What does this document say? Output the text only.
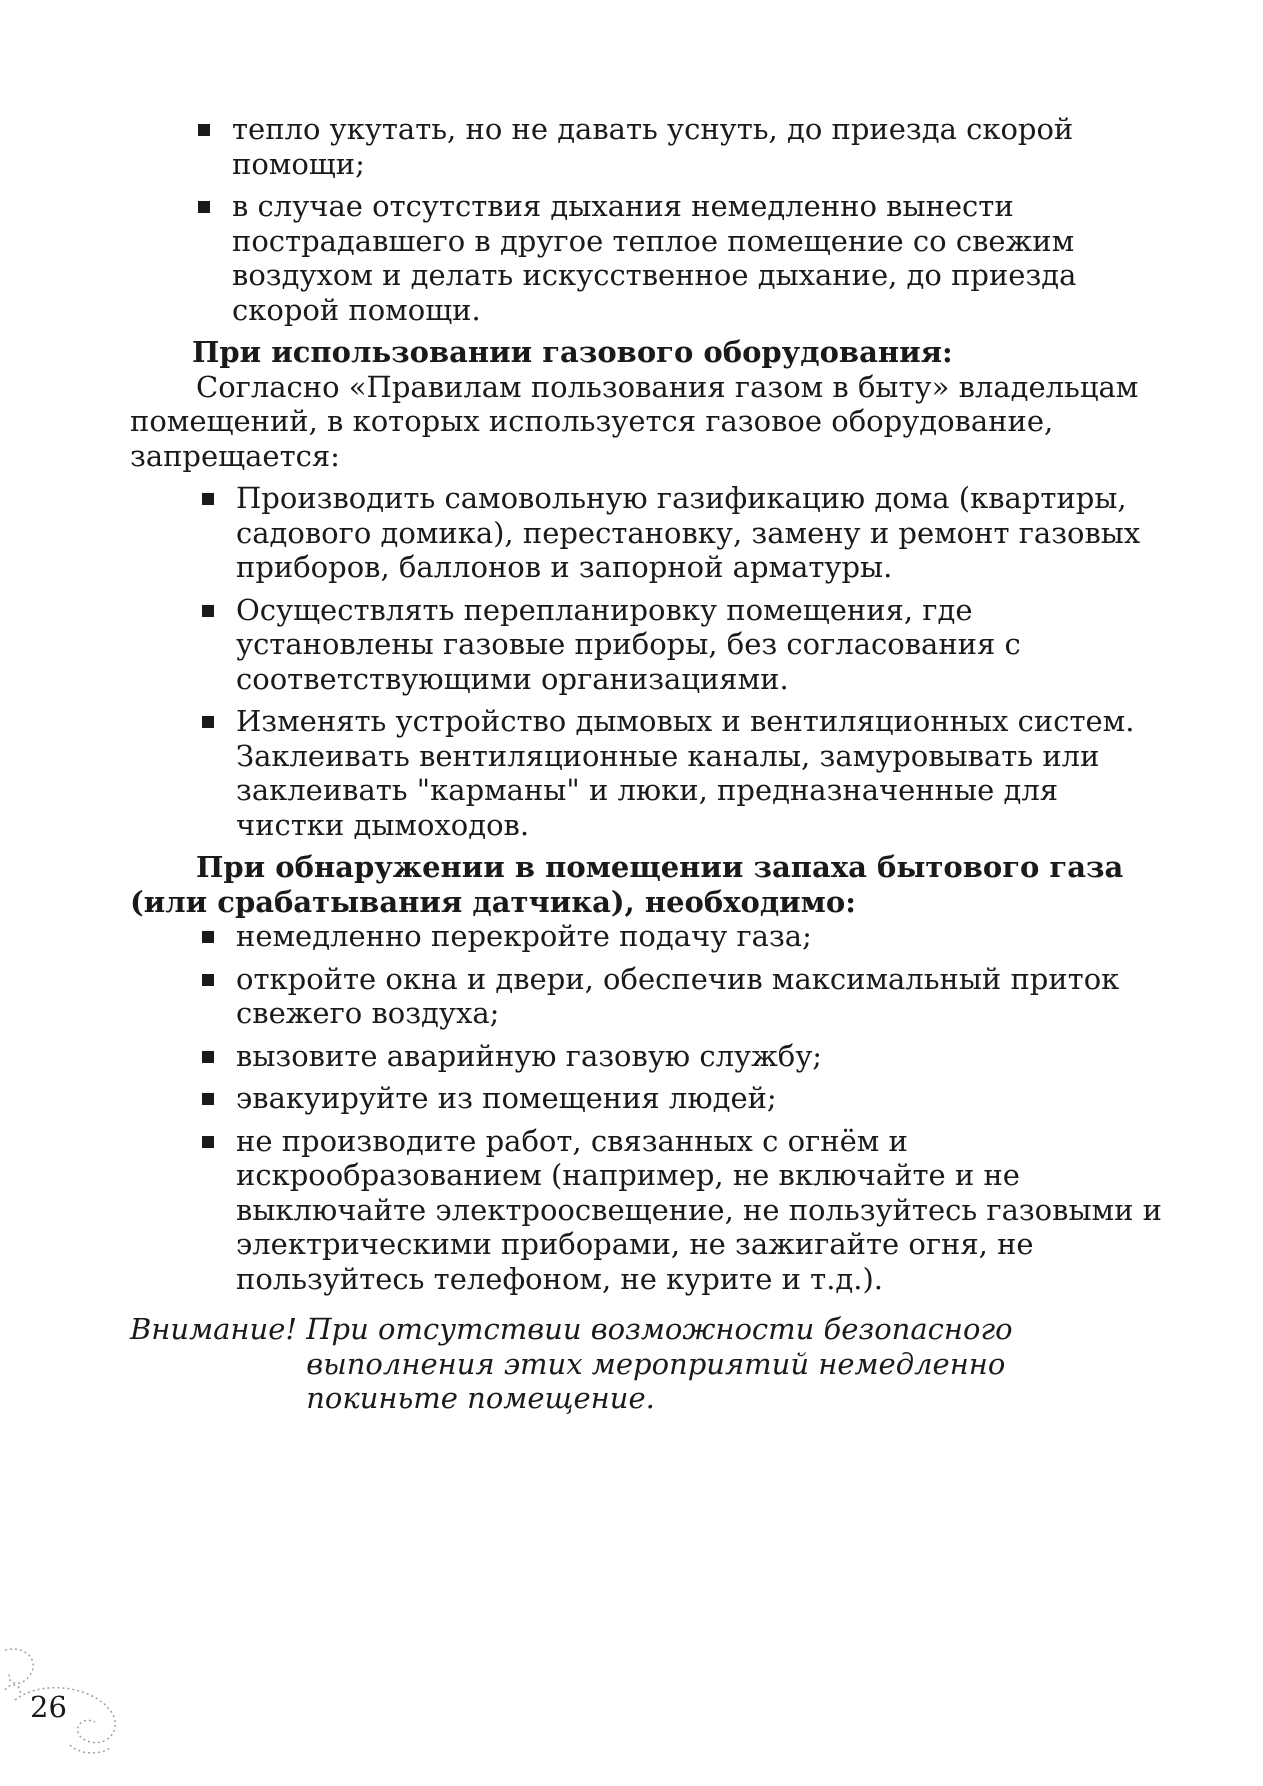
тепло укутать, но не давать уснуть, до приезда скорой помощи;
в случае отсутствия дыхания немедленно вынести пострадавшего в другое теплое помещение со свежим воздухом и делать искусственное дыхание, до приезда скорой помощи.

При использовании газового оборудования:

Согласно «Правилам пользования газом в быту» владельцам помещений, в которых используется газовое оборудование, запрещается:

Производить самовольную газификацию дома (квартиры, садового домика), перестановку, замену и ремонт газовых приборов, баллонов и запорной арматуры.
Осуществлять перепланировку помещения, где установлены газовые приборы, без согласования с соответствующими организациями.
Изменять устройство дымовых и вентиляционных систем. Заклеивать вентиляционные каналы, замуровывать или заклеивать "карманы" и люки, предназначенные для чистки дымоходов.

При обнаружении в помещении запаха бытового газа (или срабатывания датчика), необходимо:

немедленно перекройте подачу газа;
откройте окна и двери, обеспечив максимальный приток свежего воздуха;
вызовите аварийную газовую службу;
эвакуируйте из помещения людей;
не производите работ, связанных с огнём и искрообразованием (например, не включайте и не выключайте электроосвещение, не пользуйтесь газовыми и электрическими приборами, не зажигайте огня, не пользуйтесь телефоном, не курите и т.д.).
Внимание! При отсутствии возможности безопасного выполнения этих мероприятий немедленно покиньте помещение.
26
